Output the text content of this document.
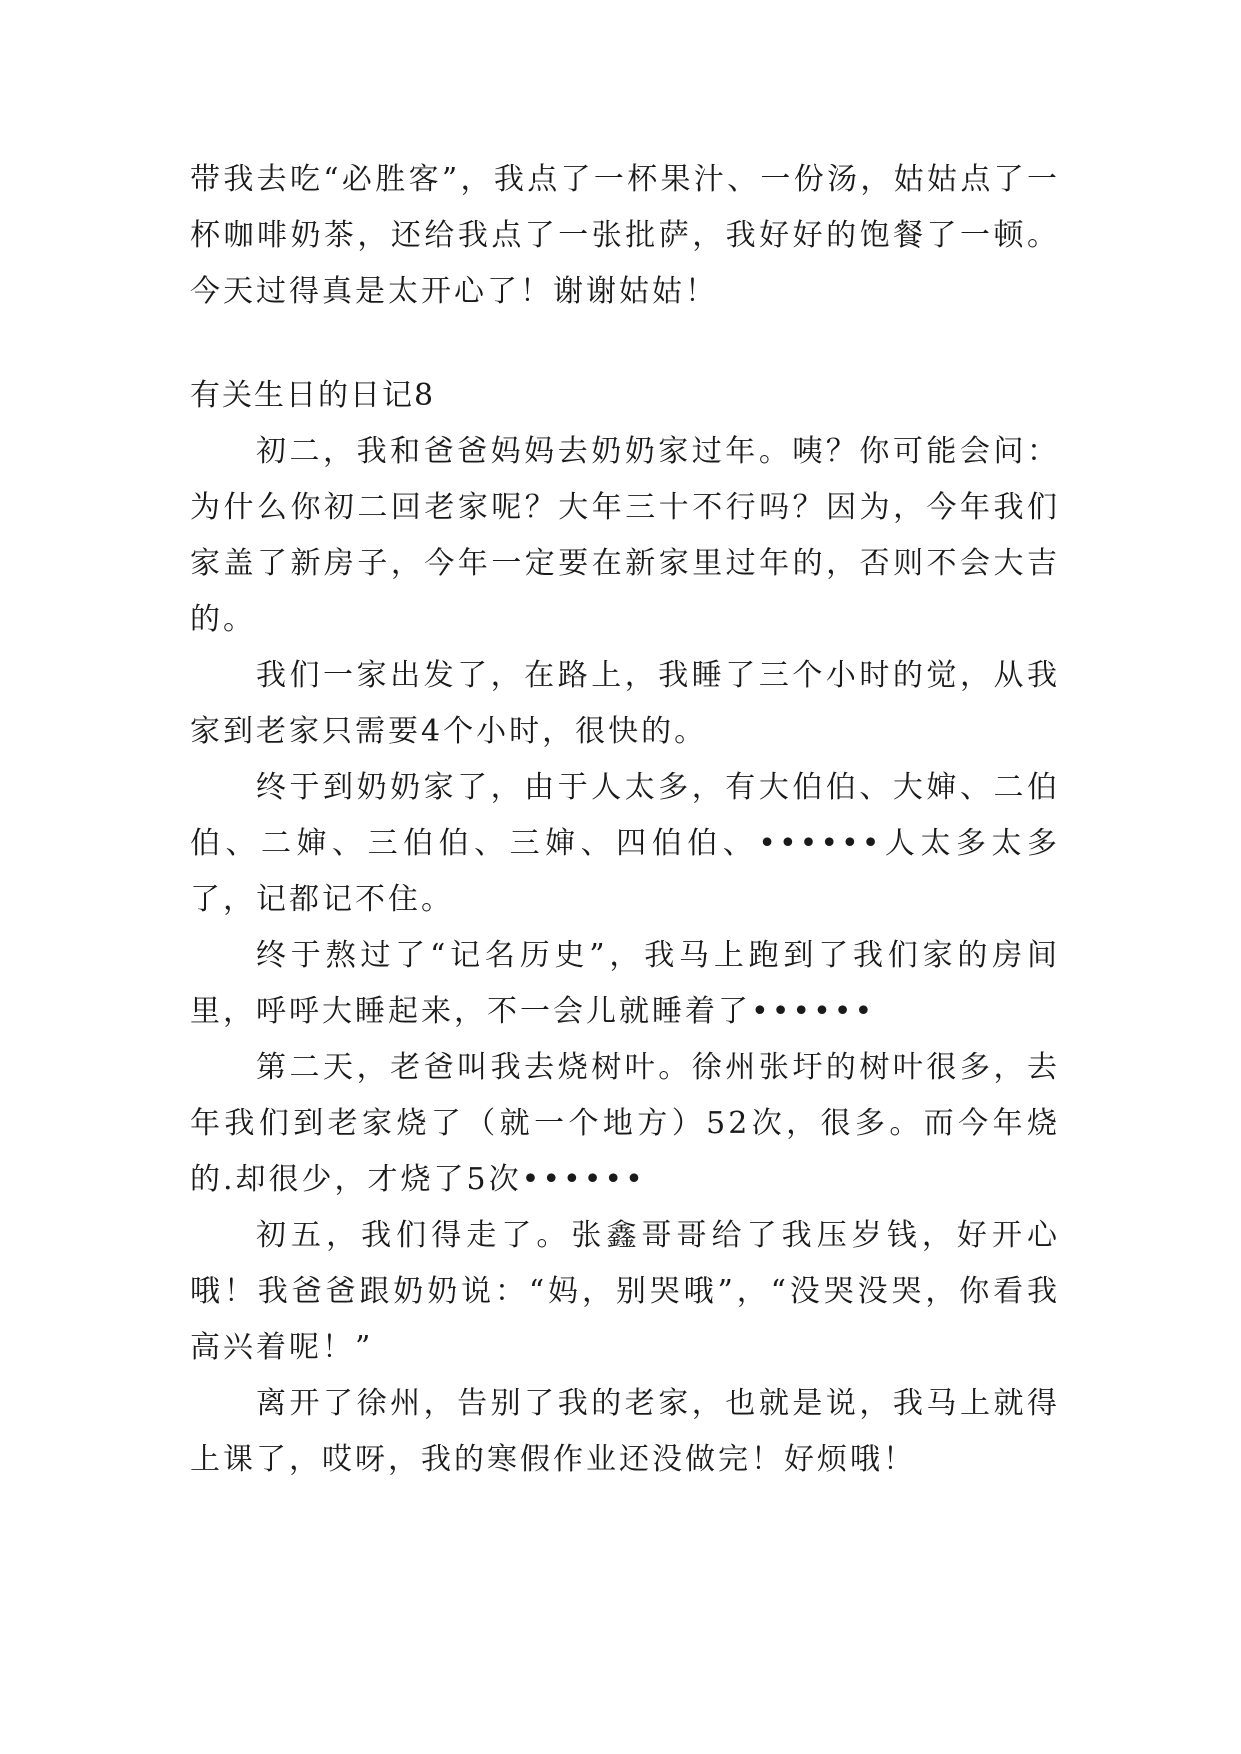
带我去吃“必胜客”，我点了一杯果汁、一份汤，姑姑点了一杯咖啡奶茶，还给我点了一张批萨，我好好的饱餐了一顿。今天过得真是太开心了！谢谢姑姑！

有关生日的日记8

初二，我和爸爸妈妈去奶奶家过年。咦？你可能会问：为什么你初二回老家呢？大年三十不行吗？因为，今年我们家盖了新房子，今年一定要在新家里过年的，否则不会大吉的。

我们一家出发了，在路上，我睡了三个小时的觉，从我家到老家只需要4个小时，很快的。

终于到奶奶家了，由于人太多，有大伯伯、大婶、二伯伯、二婶、三伯伯、三婶、四伯伯、••••••人太多太多了，记都记不住。

终于熬过了“记名历史”，我马上跑到了我们家的房间里，呼呼大睡起来，不一会儿就睡着了••••••

第二天，老爸叫我去烧树叶。徐州张圩的树叶很多，去年我们到老家烧了（就一个地方）52次，很多。而今年烧的.却很少，才烧了5次••••••

初五，我们得走了。张鑫哥哥给了我压岁钱，好开心哦！我爸爸跟奶奶说：“妈，别哭哦”，“没哭没哭，你看我高兴着呢！”

离开了徐州，告别了我的老家，也就是说，我马上就得上课了，哎呀，我的寒假作业还没做完！好烦哦！
